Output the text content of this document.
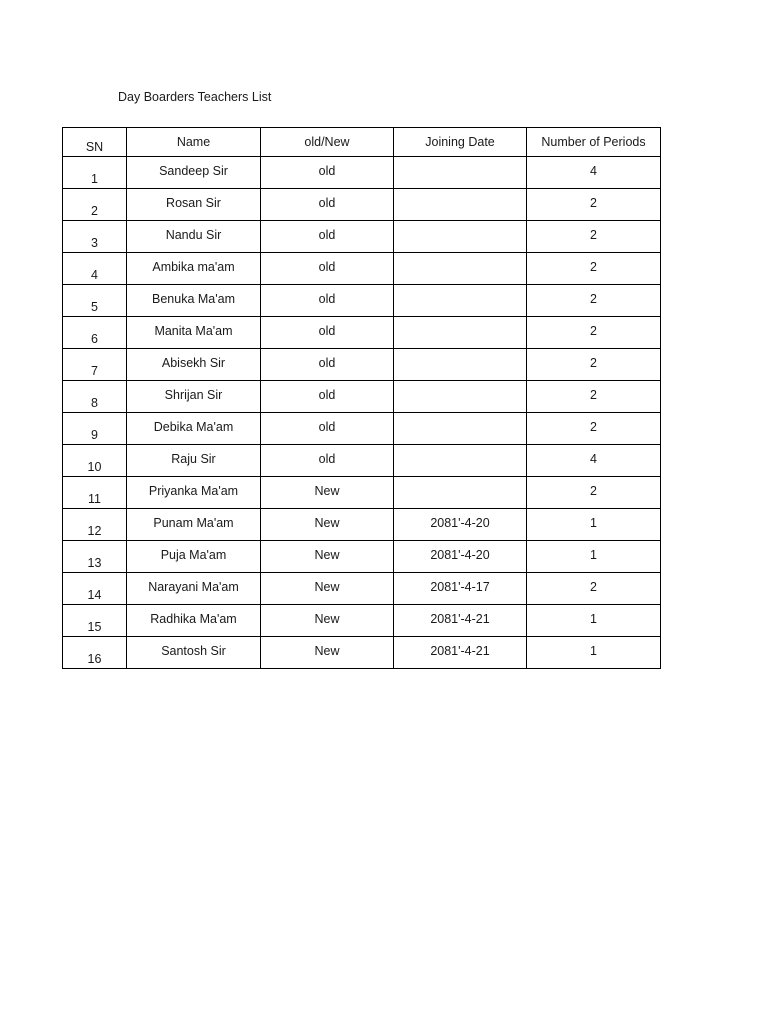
Day Boarders Teachers List
SN	Name	old/New	Joining Date	Number of Periods
1	Sandeep Sir	old		4
2	Rosan Sir	old		2
3	Nandu Sir	old		2
4	Ambika ma'am	old		2
5	Benuka Ma'am	old		2
6	Manita Ma'am	old		2
7	Abisekh Sir	old		2
8	Shrijan Sir	old		2
9	Debika Ma'am	old		2
10	Raju Sir	old		4
11	Priyanka Ma'am	New		2
12	Punam Ma'am	New	2081'-4-20	1
13	Puja Ma'am	New	2081'-4-20	1
14	Narayani Ma'am	New	2081'-4-17	2
15	Radhika Ma'am	New	2081'-4-21	1
16	Santosh Sir	New	2081'-4-21	1
